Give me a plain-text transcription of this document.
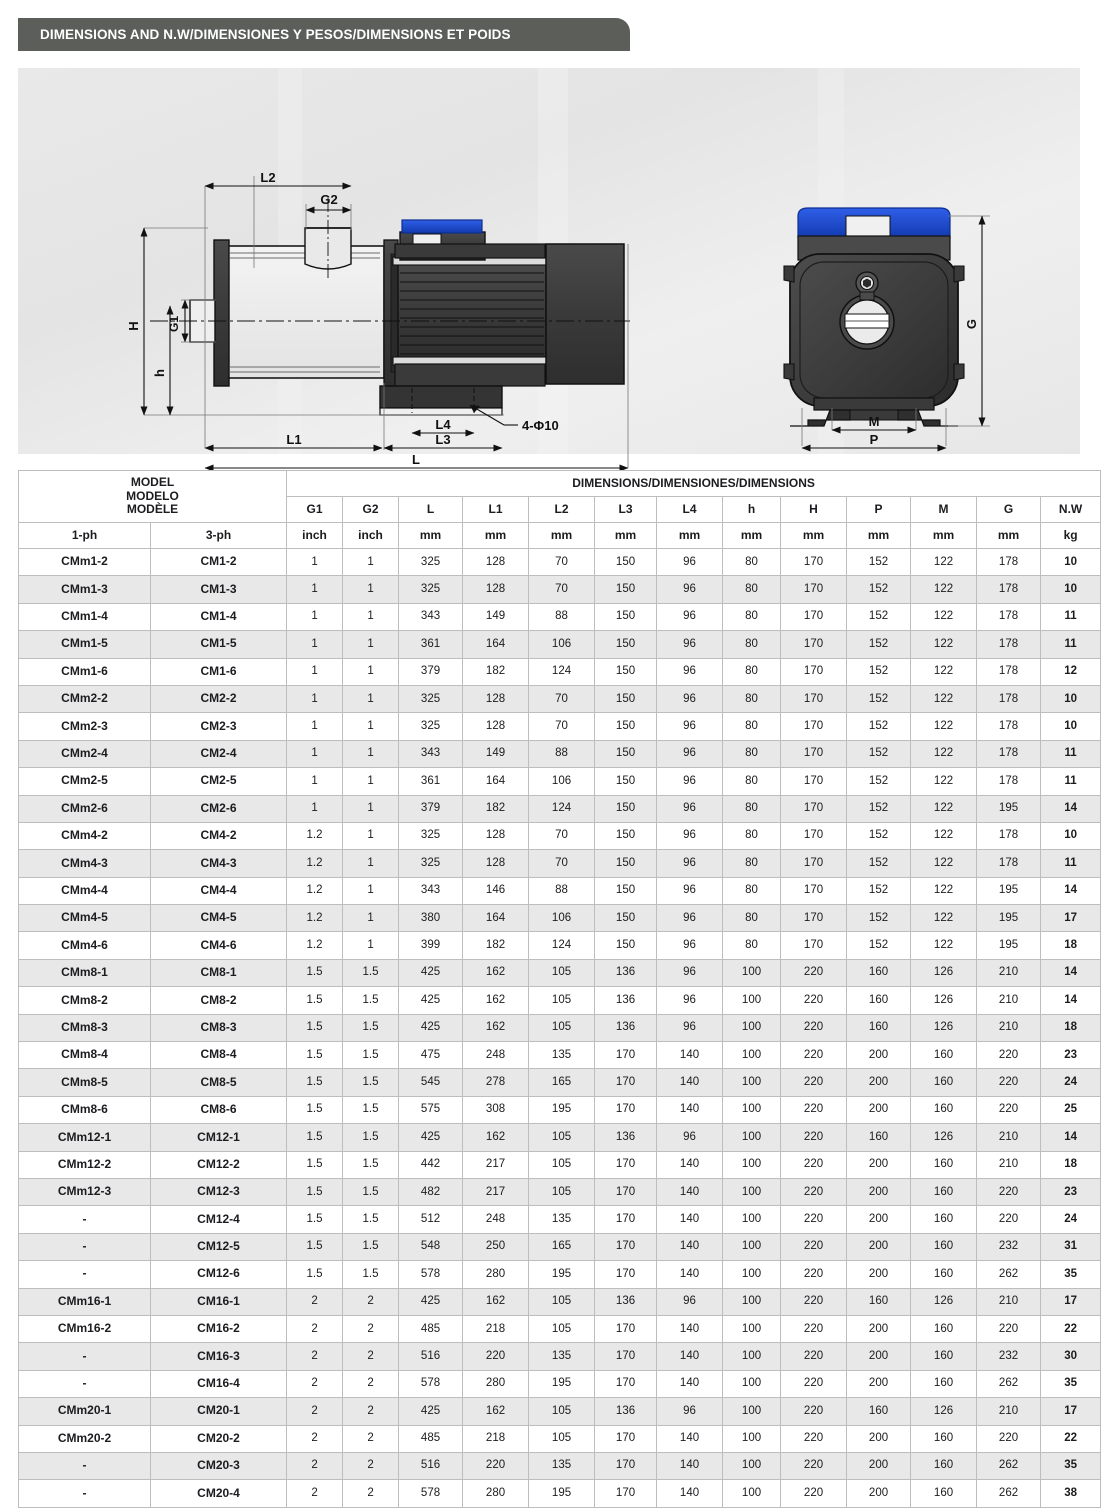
DIMENSIONS AND N.W/DIMENSIONES Y PESOS/DIMENSIONS ET POIDS
L2
G2
H
h
G1
L4
L3
L1
L
4-Φ10
G
M
P
MODEL
MODELO
MODÈLE		DIMENSIONS/DIMENSIONES/DIMENSIONS												
		G1	G2	L	L1	L2	L3	L4	h	H	P	M	G	N.W
1-ph	3-ph	inch	inch	mm	mm	mm	mm	mm	mm	mm	mm	mm	mm	kg
CMm1-2	CM1-2	1	1	325	128	70	150	96	80	170	152	122	178	10
CMm1-3	CM1-3	1	1	325	128	70	150	96	80	170	152	122	178	10
CMm1-4	CM1-4	1	1	343	149	88	150	96	80	170	152	122	178	11
CMm1-5	CM1-5	1	1	361	164	106	150	96	80	170	152	122	178	11
CMm1-6	CM1-6	1	1	379	182	124	150	96	80	170	152	122	178	12
CMm2-2	CM2-2	1	1	325	128	70	150	96	80	170	152	122	178	10
CMm2-3	CM2-3	1	1	325	128	70	150	96	80	170	152	122	178	10
CMm2-4	CM2-4	1	1	343	149	88	150	96	80	170	152	122	178	11
CMm2-5	CM2-5	1	1	361	164	106	150	96	80	170	152	122	178	11
CMm2-6	CM2-6	1	1	379	182	124	150	96	80	170	152	122	195	14
CMm4-2	CM4-2	1.2	1	325	128	70	150	96	80	170	152	122	178	10
CMm4-3	CM4-3	1.2	1	325	128	70	150	96	80	170	152	122	178	11
CMm4-4	CM4-4	1.2	1	343	146	88	150	96	80	170	152	122	195	14
CMm4-5	CM4-5	1.2	1	380	164	106	150	96	80	170	152	122	195	17
CMm4-6	CM4-6	1.2	1	399	182	124	150	96	80	170	152	122	195	18
CMm8-1	CM8-1	1.5	1.5	425	162	105	136	96	100	220	160	126	210	14
CMm8-2	CM8-2	1.5	1.5	425	162	105	136	96	100	220	160	126	210	14
CMm8-3	CM8-3	1.5	1.5	425	162	105	136	96	100	220	160	126	210	18
CMm8-4	CM8-4	1.5	1.5	475	248	135	170	140	100	220	200	160	220	23
CMm8-5	CM8-5	1.5	1.5	545	278	165	170	140	100	220	200	160	220	24
CMm8-6	CM8-6	1.5	1.5	575	308	195	170	140	100	220	200	160	220	25
CMm12-1	CM12-1	1.5	1.5	425	162	105	136	96	100	220	160	126	210	14
CMm12-2	CM12-2	1.5	1.5	442	217	105	170	140	100	220	200	160	210	18
CMm12-3	CM12-3	1.5	1.5	482	217	105	170	140	100	220	200	160	220	23
-	CM12-4	1.5	1.5	512	248	135	170	140	100	220	200	160	220	24
-	CM12-5	1.5	1.5	548	250	165	170	140	100	220	200	160	232	31
-	CM12-6	1.5	1.5	578	280	195	170	140	100	220	200	160	262	35
CMm16-1	CM16-1	2	2	425	162	105	136	96	100	220	160	126	210	17
CMm16-2	CM16-2	2	2	485	218	105	170	140	100	220	200	160	220	22
-	CM16-3	2	2	516	220	135	170	140	100	220	200	160	232	30
-	CM16-4	2	2	578	280	195	170	140	100	220	200	160	262	35
CMm20-1	CM20-1	2	2	425	162	105	136	96	100	220	160	126	210	17
CMm20-2	CM20-2	2	2	485	218	105	170	140	100	220	200	160	220	22
-	CM20-3	2	2	516	220	135	170	140	100	220	200	160	262	35
-	CM20-4	2	2	578	280	195	170	140	100	220	200	160	262	38
